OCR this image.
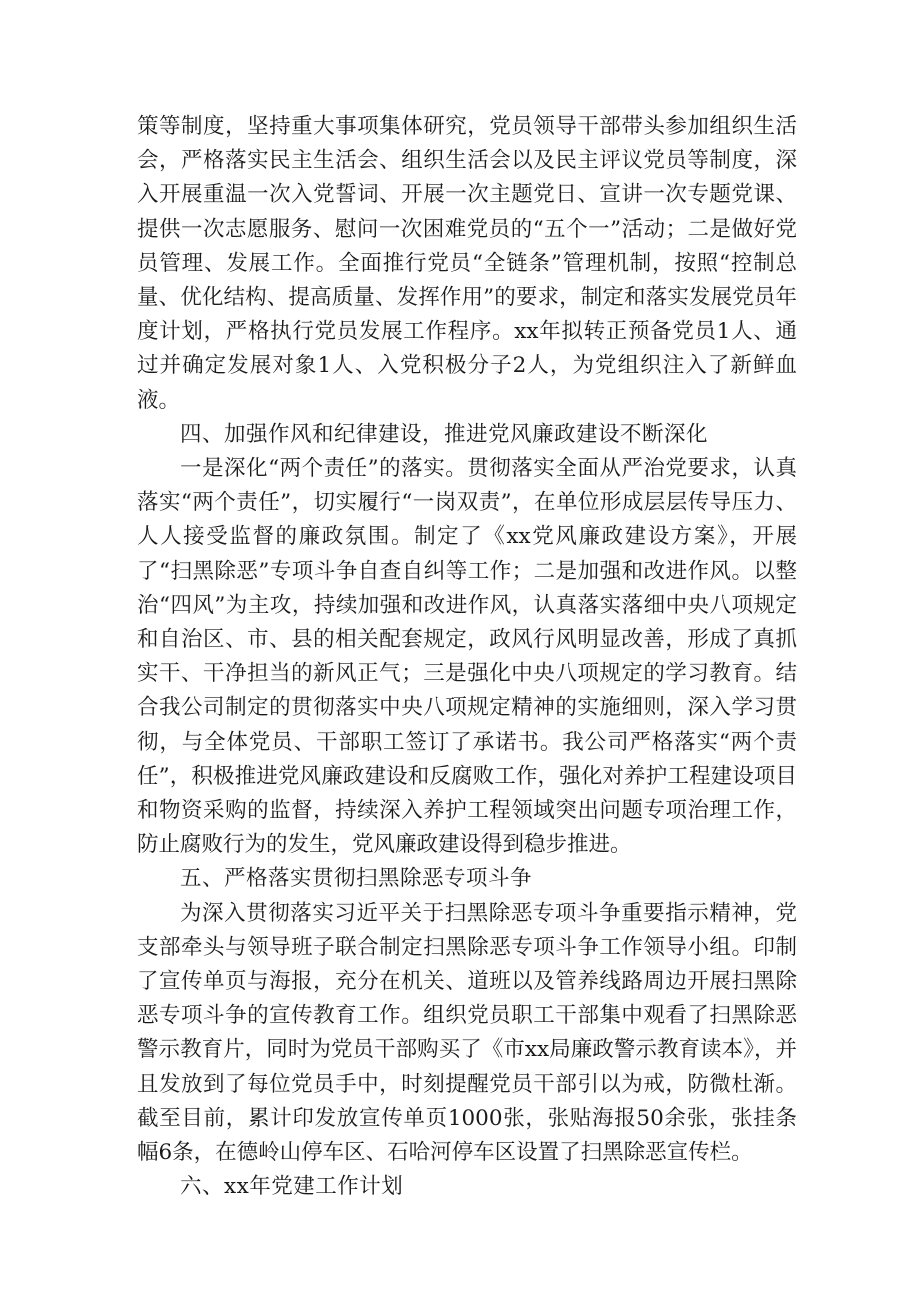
策等制度，坚持重大事项集体研究，党员领导干部带头参加组织生活会，严格落实民主生活会、组织生活会以及民主评议党员等制度，深入开展重温一次入党誓词、开展一次主题党日、宣讲一次专题党课、提供一次志愿服务、慰问一次困难党员的“五个一”活动；二是做好党员管理、发展工作。全面推行党员“全链条”管理机制，按照“控制总量、优化结构、提高质量、发挥作用”的要求，制定和落实发展党员年度计划，严格执行党员发展工作程序。xx年拟转正预备党员1人、通过并确定发展对象1人、入党积极分子2人，为党组织注入了新鲜血液。

四、加强作风和纪律建设，推进党风廉政建设不断深化

一是深化“两个责任”的落实。贯彻落实全面从严治党要求，认真落实“两个责任”，切实履行“一岗双责”，在单位形成层层传导压力、人人接受监督的廉政氛围。制定了《xx党风廉政建设方案》，开展了“扫黑除恶”专项斗争自查自纠等工作；二是加强和改进作风。以整治“四风”为主攻，持续加强和改进作风，认真落实落细中央八项规定和自治区、市、县的相关配套规定，政风行风明显改善，形成了真抓实干、干净担当的新风正气；三是强化中央八项规定的学习教育。结合我公司制定的贯彻落实中央八项规定精神的实施细则，深入学习贯彻，与全体党员、干部职工签订了承诺书。我公司严格落实“两个责任”，积极推进党风廉政建设和反腐败工作，强化对养护工程建设项目和物资采购的监督，持续深入养护工程领域突出问题专项治理工作，防止腐败行为的发生，党风廉政建设得到稳步推进。

五、严格落实贯彻扫黑除恶专项斗争

为深入贯彻落实习近平关于扫黑除恶专项斗争重要指示精神，党支部牵头与领导班子联合制定扫黑除恶专项斗争工作领导小组。印制了宣传单页与海报，充分在机关、道班以及管养线路周边开展扫黑除恶专项斗争的宣传教育工作。组织党员职工干部集中观看了扫黑除恶警示教育片，同时为党员干部购买了《市xx局廉政警示教育读本》，并且发放到了每位党员手中，时刻提醒党员干部引以为戒，防微杜渐。截至目前，累计印发放宣传单页1000张，张贴海报50余张，张挂条幅6条，在德岭山停车区、石哈河停车区设置了扫黑除恶宣传栏。

六、xx年党建工作计划
